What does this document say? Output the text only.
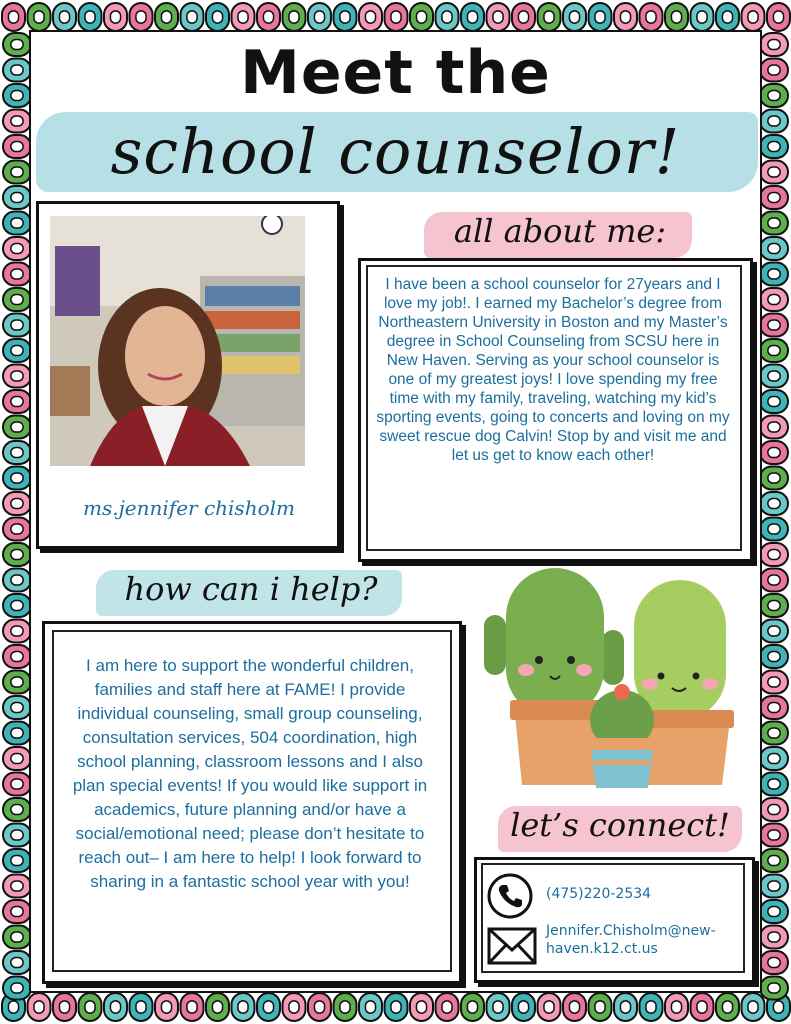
Meet the
school counselor!
ms.jennifer chisholm
all about me:
I have been a school counselor for 27years and I love my job!. I earned my Bachelor’s degree from Northeastern University in Boston and my Master’s degree in School Counseling from SCSU here in New Haven. Serving as your school counselor is one of my greatest joys! I love spending my free time with my family, traveling, watching my kid’s sporting events, going to concerts and loving on my sweet rescue dog Calvin! Stop by and visit me and let us get to know each other!
how can i help?
I am here to support the wonderful children, families and staff here at FAME! I provide individual counseling, small group counseling, consultation services, 504 coordination, high school planning, classroom lessons and I also plan special events! If you would like support in academics, future planning and/or have a social/emotional need; please don’t hesitate to reach out– I am here to help! I look forward to sharing in a fantastic school year with you!
let’s connect!
(475)220-2534
Jennifer.Chisholm@new-
haven.k12.ct.us
